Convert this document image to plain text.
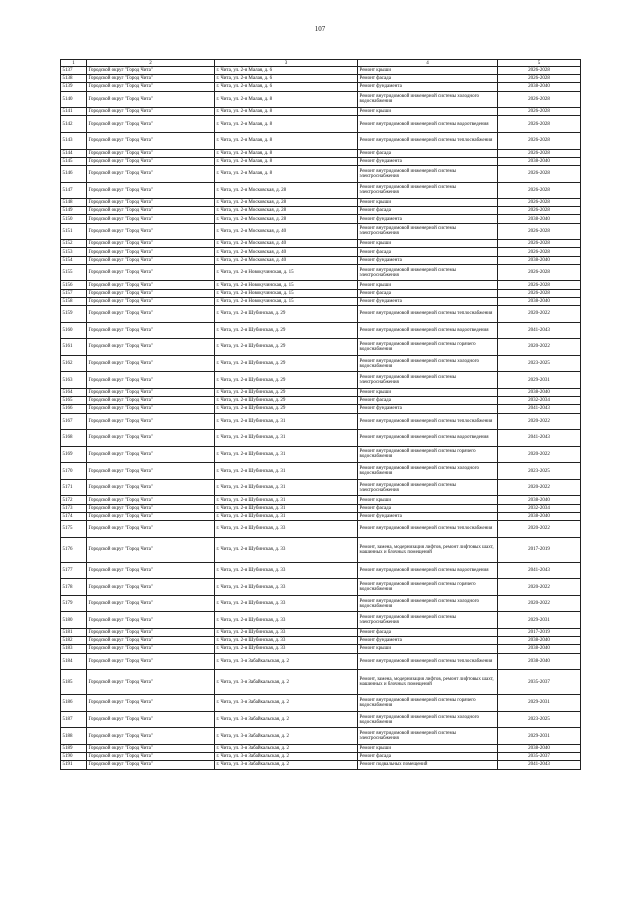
107
1	2	3	4	5
5137	Городской округ "Город Чита"	г. Чита, ул. 2-я Малая, д. 6	Ремонт крыши	2026-2028
5138	Городской округ "Город Чита"	г. Чита, ул. 2-я Малая, д. 6	Ремонт фасада	2026-2028
5139	Городской округ "Город Чита"	г. Чита, ул. 2-я Малая, д. 6	Ремонт фундамента	2038-2040
5140	Городской округ "Город Чита"	г. Чита, ул. 2-я Малая, д. 8	Ремонт внутридомовой инженерной системы холодного водоснабжения	2026-2028
5141	Городской округ "Город Чита"	г. Чита, ул. 2-я Малая, д. 8	Ремонт крыши	2026-2028
5142	Городской округ "Город Чита"	г. Чита, ул. 2-я Малая, д. 8	Ремонт внутридомовой инженерной системы водоотведения	2026-2028
5143	Городской округ "Город Чита"	г. Чита, ул. 2-я Малая, д. 8	Ремонт внутридомовой инженерной системы теплоснабжения	2026-2028
5144	Городской округ "Город Чита"	г. Чита, ул. 2-я Малая, д. 8	Ремонт фасада	2026-2028
5145	Городской округ "Город Чита"	г. Чита, ул. 2-я Малая, д. 8	Ремонт фундамента	2038-2040
5146	Городской округ "Город Чита"	г. Чита, ул. 2-я Малая, д. 8	Ремонт внутридомовой инженерной системы электроснабжения	2026-2028
5147	Городской округ "Город Чита"	г. Чита, ул. 2-я Московская, д. 28	Ремонт внутридомовой инженерной системы электроснабжения	2026-2028
5148	Городской округ "Город Чита"	г. Чита, ул. 2-я Московская, д. 28	Ремонт крыши	2026-2028
5149	Городской округ "Город Чита"	г. Чита, ул. 2-я Московская, д. 28	Ремонт фасада	2026-2028
5150	Городской округ "Город Чита"	г. Чита, ул. 2-я Московская, д. 28	Ремонт фундамента	2038-2040
5151	Городской округ "Город Чита"	г. Чита, ул. 2-я Московская, д. 40	Ремонт внутридомовой инженерной системы электроснабжения	2026-2028
5152	Городской округ "Город Чита"	г. Чита, ул. 2-я Московская, д. 40	Ремонт крыши	2026-2028
5153	Городской округ "Город Чита"	г. Чита, ул. 2-я Московская, д. 40	Ремонт фасада	2026-2028
5154	Городской округ "Город Чита"	г. Чита, ул. 2-я Московская, д. 40	Ремонт фундамента	2038-2040
5155	Городской округ "Город Чита"	г. Чита, ул. 2-я Новокучинская, д. 15	Ремонт внутридомовой инженерной системы электроснабжения	2026-2028
5156	Городской округ "Город Чита"	г. Чита, ул. 2-я Новокучинская, д. 15	Ремонт крыши	2026-2028
5157	Городской округ "Город Чита"	г. Чита, ул. 2-я Новокучинская, д. 15	Ремонт фасада	2026-2028
5158	Городской округ "Город Чита"	г. Чита, ул. 2-я Новокучинская, д. 15	Ремонт фундамента	2038-2040
5159	Городской округ "Город Чита"	г. Чита, ул. 2-я Шубинская, д. 29	Ремонт внутридомовой инженерной системы теплоснабжения	2020-2022
5160	Городской округ "Город Чита"	г. Чита, ул. 2-я Шубинская, д. 29	Ремонт внутридомовой инженерной системы водоотведения	2041-2043
5161	Городской округ "Город Чита"	г. Чита, ул. 2-я Шубинская, д. 29	Ремонт внутридомовой инженерной системы горячего водоснабжения	2020-2022
5162	Городской округ "Город Чита"	г. Чита, ул. 2-я Шубинская, д. 29	Ремонт внутридомовой инженерной системы холодного водоснабжения	2023-2025
5163	Городской округ "Город Чита"	г. Чита, ул. 2-я Шубинская, д. 29	Ремонт внутридомовой инженерной системы электроснабжения	2029-2031
5164	Городской округ "Город Чита"	г. Чита, ул. 2-я Шубинская, д. 29	Ремонт крыши	2038-2040
5165	Городской округ "Город Чита"	г. Чита, ул. 2-я Шубинская, д. 29	Ремонт фасада	2032-2034
5166	Городской округ "Город Чита"	г. Чита, ул. 2-я Шубинская, д. 29	Ремонт фундамента	2041-2043
5167	Городской округ "Город Чита"	г. Чита, ул. 2-я Шубинская, д. 31	Ремонт внутридомовой инженерной системы теплоснабжения	2020-2022
5168	Городской округ "Город Чита"	г. Чита, ул. 2-я Шубинская, д. 31	Ремонт внутридомовой инженерной системы водоотведения	2041-2043
5169	Городской округ "Город Чита"	г. Чита, ул. 2-я Шубинская, д. 31	Ремонт внутридомовой инженерной системы горячего водоснабжения	2020-2022
5170	Городской округ "Город Чита"	г. Чита, ул. 2-я Шубинская, д. 31	Ремонт внутридомовой инженерной системы холодного водоснабжения	2023-2025
5171	Городской округ "Город Чита"	г. Чита, ул. 2-я Шубинская, д. 31	Ремонт внутридомовой инженерной системы электроснабжения	2020-2022
5172	Городской округ "Город Чита"	г. Чита, ул. 2-я Шубинская, д. 31	Ремонт крыши	2038-2040
5173	Городской округ "Город Чита"	г. Чита, ул. 2-я Шубинская, д. 31	Ремонт фасада	2032-2034
5174	Городской округ "Город Чита"	г. Чита, ул. 2-я Шубинская, д. 31	Ремонт фундамента	2038-2040
5175	Городской округ "Город Чита"	г. Чита, ул. 2-я Шубинская, д. 33	Ремонт внутридомовой инженерной системы теплоснабжения	2020-2022
5176	Городской округ "Город Чита"	г. Чита, ул. 2-я Шубинская, д. 33	Ремонт, замена, модернизация лифтов, ремонт лифтовых шахт, машинных и блочных помещений	2017-2019
5177	Городской округ "Город Чита"	г. Чита, ул. 2-я Шубинская, д. 33	Ремонт внутридомовой инженерной системы водоотведения	2041-2043
5178	Городской округ "Город Чита"	г. Чита, ул. 2-я Шубинская, д. 33	Ремонт внутридомовой инженерной системы горячего водоснабжения	2020-2022
5179	Городской округ "Город Чита"	г. Чита, ул. 2-я Шубинская, д. 33	Ремонт внутридомовой инженерной системы холодного водоснабжения	2020-2022
5180	Городской округ "Город Чита"	г. Чита, ул. 2-я Шубинская, д. 33	Ремонт внутридомовой инженерной системы электроснабжения	2029-2031
5181	Городской округ "Город Чита"	г. Чита, ул. 2-я Шубинская, д. 33	Ремонт фасада	2017-2019
5182	Городской округ "Город Чита"	г. Чита, ул. 2-я Шубинская, д. 33	Ремонт фундамента	2038-2040
5183	Городской округ "Город Чита"	г. Чита, ул. 2-я Шубинская, д. 33	Ремонт крыши	2038-2040
5184	Городской округ "Город Чита"	г. Чита, ул. 3-я Забайкальская, д. 2	Ремонт внутридомовой инженерной системы теплоснабжения	2038-2040
5185	Городской округ "Город Чита"	г. Чита, ул. 3-я Забайкальская, д. 2	Ремонт, замена, модернизация лифтов, ремонт лифтовых шахт, машинных и блочных помещений	2035-2037
5186	Городской округ "Город Чита"	г. Чита, ул. 3-я Забайкальская, д. 2	Ремонт внутридомовой инженерной системы горячего водоснабжения	2029-2031
5187	Городской округ "Город Чита"	г. Чита, ул. 3-я Забайкальская, д. 2	Ремонт внутридомовой инженерной системы холодного водоснабжения	2023-2025
5188	Городской округ "Город Чита"	г. Чита, ул. 3-я Забайкальская, д. 2	Ремонт внутридомовой инженерной системы электроснабжения	2029-2031
5189	Городской округ "Город Чита"	г. Чита, ул. 3-я Забайкальская, д. 2	Ремонт крыши	2038-2040
5190	Городской округ "Город Чита"	г. Чита, ул. 3-я Забайкальская, д. 2	Ремонт фасада	2035-2037
5191	Городской округ "Город Чита"	г. Чита, ул. 3-я Забайкальская, д. 2	Ремонт подвальных помещений	2041-2043
